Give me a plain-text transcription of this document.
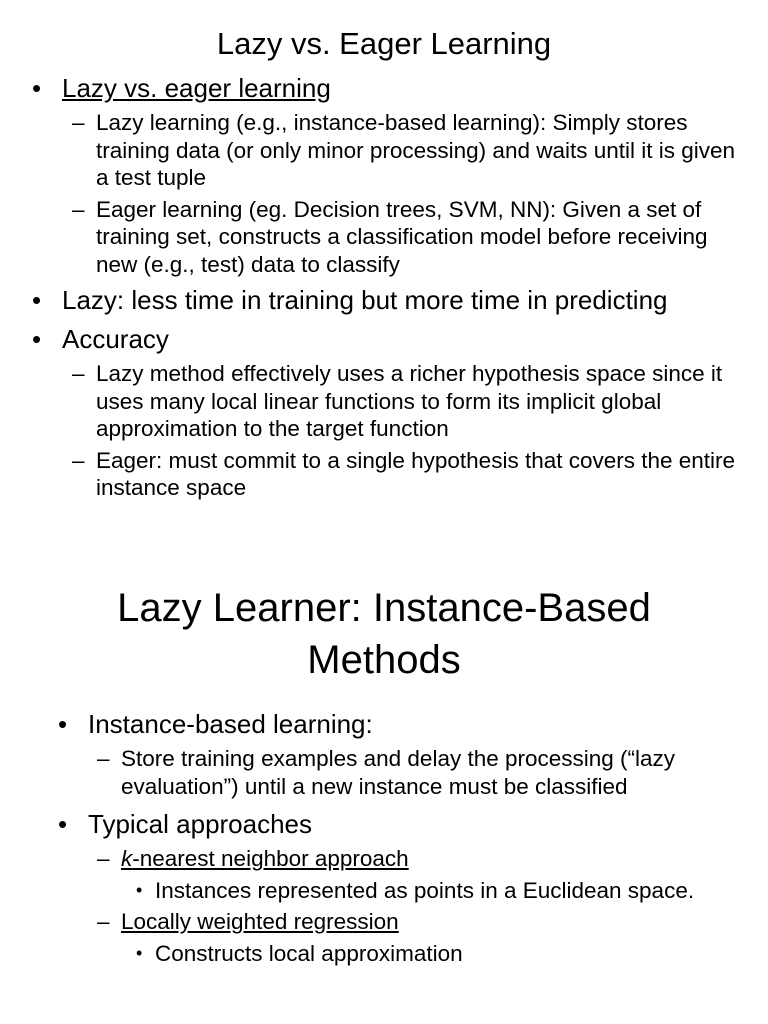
Lazy vs. Eager Learning
• Lazy vs. eager learning
– Lazy learning (e.g., instance-based learning): Simply stores training data (or only minor processing) and waits until it is given a test tuple
– Eager learning (eg. Decision trees, SVM, NN): Given a set of training set, constructs a classification model before receiving new (e.g., test) data to classify
• Lazy: less time in training but more time in predicting
• Accuracy
– Lazy method effectively uses a richer hypothesis space since it uses many local linear functions to form its implicit global approximation to the target function
– Eager: must commit to a single hypothesis that covers the entire instance space
Lazy Learner: Instance-Based
Methods
• Instance-based learning:
– Store training examples and delay the processing (“lazy evaluation”) until a new instance must be classified
• Typical approaches
– k-nearest neighbor approach
• Instances represented as points in a Euclidean space.
– Locally weighted regression
• Constructs local approximation
